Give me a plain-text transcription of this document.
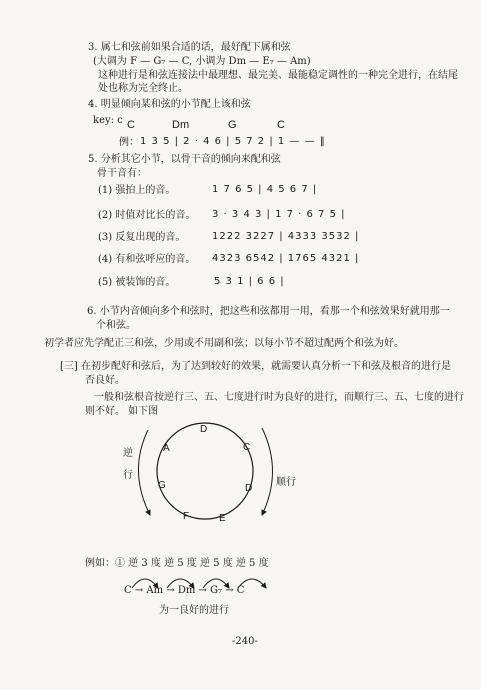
3. 属七和弦前如果合适的话，最好配下属和弦
(大调为 F — G₇ — C, 小调为 Dm — E₇ — Am)
这种进行是和弦连接法中最理想、最完美、最能稳定调性的一种完全进行，在结尾
处也称为完全终止。
4. 明显倾向某和弦的小节配上该和弦
key: c C	Dm	G	C
例： 1 3 5 | 2 · 4 6 | 5 7 2 | 1 — — ‖
5. 分析其它小节，以骨干音的倾向来配和弦
骨干音有：
(1) 强拍上的音。	1 7 6 5 | 4 5 6 7 |
(2) 时值对比长的音。 3 · 3 4 3 | 1 7 · 6 7 5 |
(3) 反复出现的音。	1222 3227 | 4333 3532 |
(4) 有和弦呼应的音。 4323 6542 | 1765 4321 |
(5) 被装饰的音。	5 3 1 | 6 6 |
6. 小节内音倾向多个和弦时，把这些和弦都用一用，看那一个和弦效果好就用那一
个和弦。
初学者应先学配正三和弦，少用或不用副和弦；以每小节不超过配两个和弦为好。
[三] 在初步配好和弦后，为了达到较好的效果，就需要认真分析一下和弦及根音的进行是
否良好。
一般和弦根音按逆行三、五、七度进行时为良好的进行，而顺行三、五、七度的进行
则不好。 如下图
D
C
D
E
F
G
A
逆 行
顺行
例如：① 逆 3 度 逆 5 度 逆 5 度 逆 5 度
C → Am → Dm → G₇ → C
为一良好的进行
-240-
